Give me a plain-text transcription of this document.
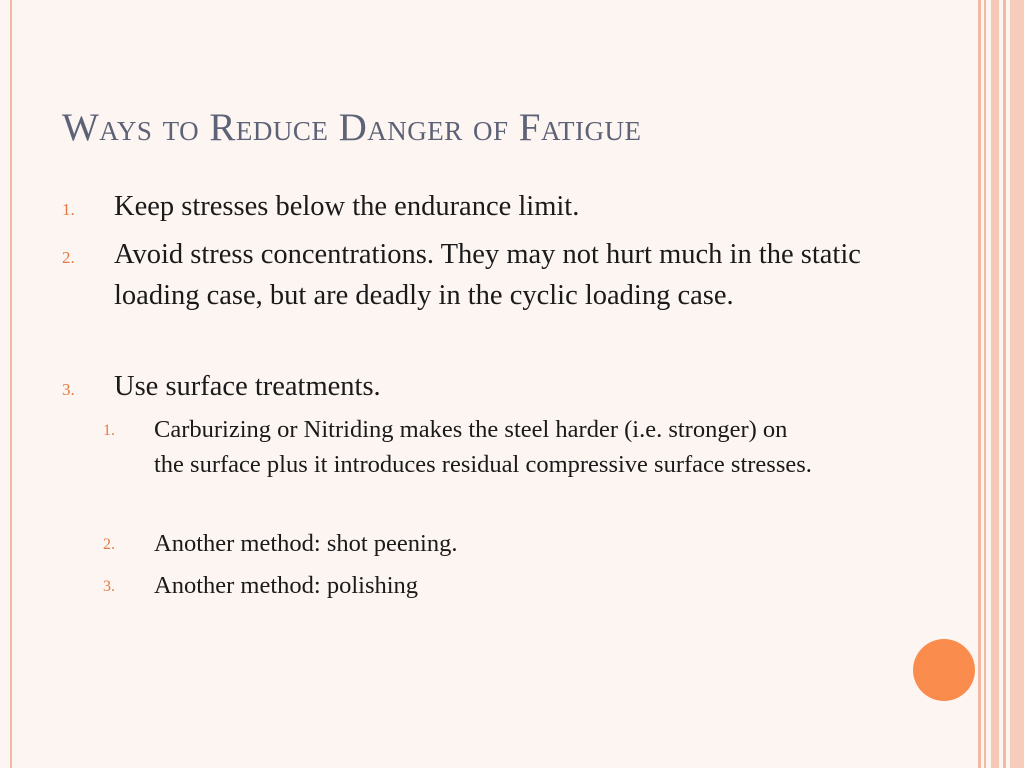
Ways to Reduce Danger of Fatigue
1. Keep stresses below the endurance limit.
2. Avoid stress concentrations. They may not hurt much in the static loading case, but are deadly in the cyclic loading case.
3. Use surface treatments.
1. Carburizing or Nitriding makes the steel harder (i.e. stronger) on the surface plus it introduces residual compressive surface stresses.
2. Another method: shot peening.
3. Another method: polishing
